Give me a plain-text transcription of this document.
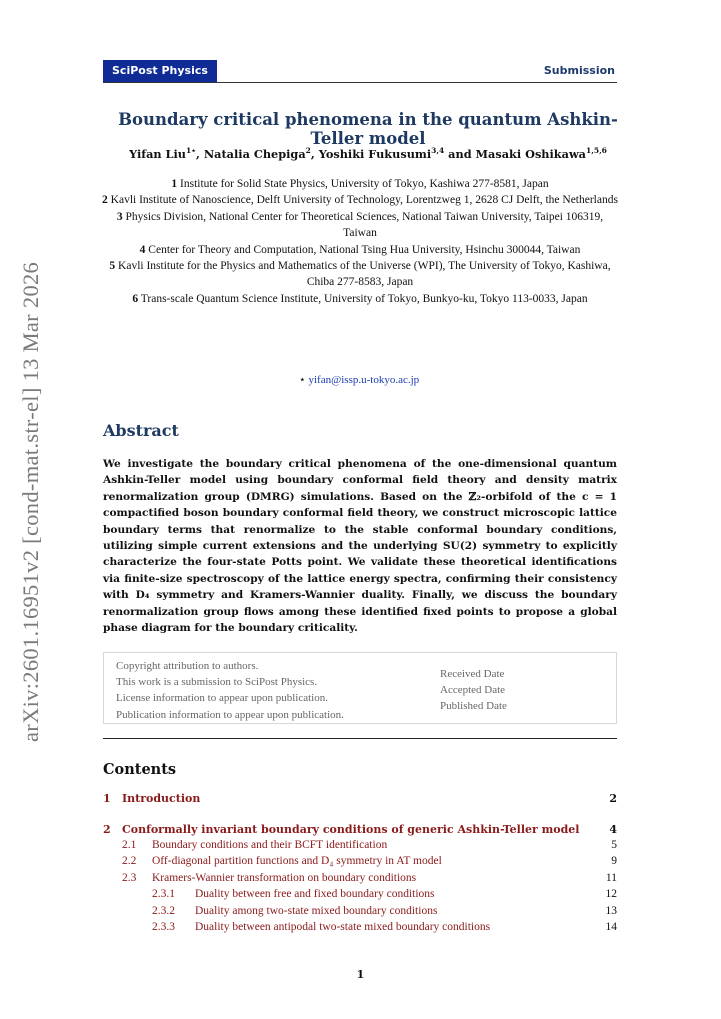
arXiv:2601.16951v2 [cond-mat.str-el] 13 Mar 2026
SciPost Physics	Submission
Boundary critical phenomena in the quantum Ashkin-Teller model
Yifan Liu$^{1⋆}$, Natalia Chepiga$^2$, Yoshiki Fukusumi$^{3,4}$ and Masaki Oshikawa$^{1,5,6}$

1 Institute for Solid State Physics, University of Tokyo, Kashiwa 277-8581, Japan

2 Kavli Institute of Nanoscience, Delft University of Technology, Lorentzweg 1, 2628 CJ Delft, the Netherlands

3 Physics Division, National Center for Theoretical Sciences, National Taiwan University, Taipei 106319, Taiwan

4 Center for Theory and Computation, National Tsing Hua University, Hsinchu 300044, Taiwan

5 Kavli Institute for the Physics and Mathematics of the Universe (WPI), The University of Tokyo, Kashiwa, Chiba 277-8583, Japan

6 Trans-scale Quantum Science Institute, University of Tokyo, Bunkyo-ku, Tokyo 113-0033, Japan

⋆ yifan@issp.u-tokyo.ac.jp
Abstract
We investigate the boundary critical phenomena of the one-dimensional quantum Ashkin-Teller model using boundary conformal field theory and density matrix renormalization group (DMRG) simulations. Based on the ℤ₂-orbifold of the c = 1 compactified boson boundary conformal field theory, we construct microscopic lattice boundary terms that renormalize to the stable conformal boundary conditions, utilizing simple current extensions and the underlying SU(2) symmetry to explicitly characterize the four-state Potts point. We validate these theoretical identifications via finite-size spectroscopy of the lattice energy spectra, confirming their consistency with D₄ symmetry and Kramers-Wannier duality. Finally, we discuss the boundary renormalization group flows among these identified fixed points to propose a global phase diagram for the boundary criticality.
Copyright attribution to authors.
This work is a submission to SciPost Physics.
License information to appear upon publication.
Publication information to appear upon publication.
Received Date
Accepted Date
Published Date
Contents
1 Introduction	2
2 Conformally invariant boundary conditions of generic Ashkin-Teller model	4
2.1 Boundary conditions and their BCFT identification	5
2.2 Off-diagonal partition functions and D₄ symmetry in AT model	9
2.3 Kramers-Wannier transformation on boundary conditions	11
2.3.1 Duality between free and fixed boundary conditions	12
2.3.2 Duality among two-state mixed boundary conditions	13
2.3.3 Duality between antipodal two-state mixed boundary conditions	14
1
